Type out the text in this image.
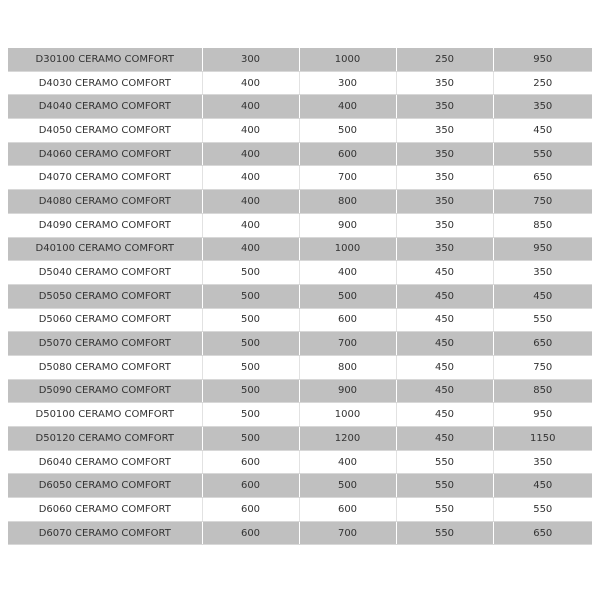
D30100 CERAMO COMFORT	300	1000	250	950
D4030 CERAMO COMFORT	400	300	350	250
D4040 CERAMO COMFORT	400	400	350	350
D4050 CERAMO COMFORT	400	500	350	450
D4060 CERAMO COMFORT	400	600	350	550
D4070 CERAMO COMFORT	400	700	350	650
D4080 CERAMO COMFORT	400	800	350	750
D4090 CERAMO COMFORT	400	900	350	850
D40100 CERAMO COMFORT	400	1000	350	950
D5040 CERAMO COMFORT	500	400	450	350
D5050 CERAMO COMFORT	500	500	450	450
D5060 CERAMO COMFORT	500	600	450	550
D5070 CERAMO COMFORT	500	700	450	650
D5080 CERAMO COMFORT	500	800	450	750
D5090 CERAMO COMFORT	500	900	450	850
D50100 CERAMO COMFORT	500	1000	450	950
D50120 CERAMO COMFORT	500	1200	450	1150
D6040 CERAMO COMFORT	600	400	550	350
D6050 CERAMO COMFORT	600	500	550	450
D6060 CERAMO COMFORT	600	600	550	550
D6070 CERAMO COMFORT	600	700	550	650
